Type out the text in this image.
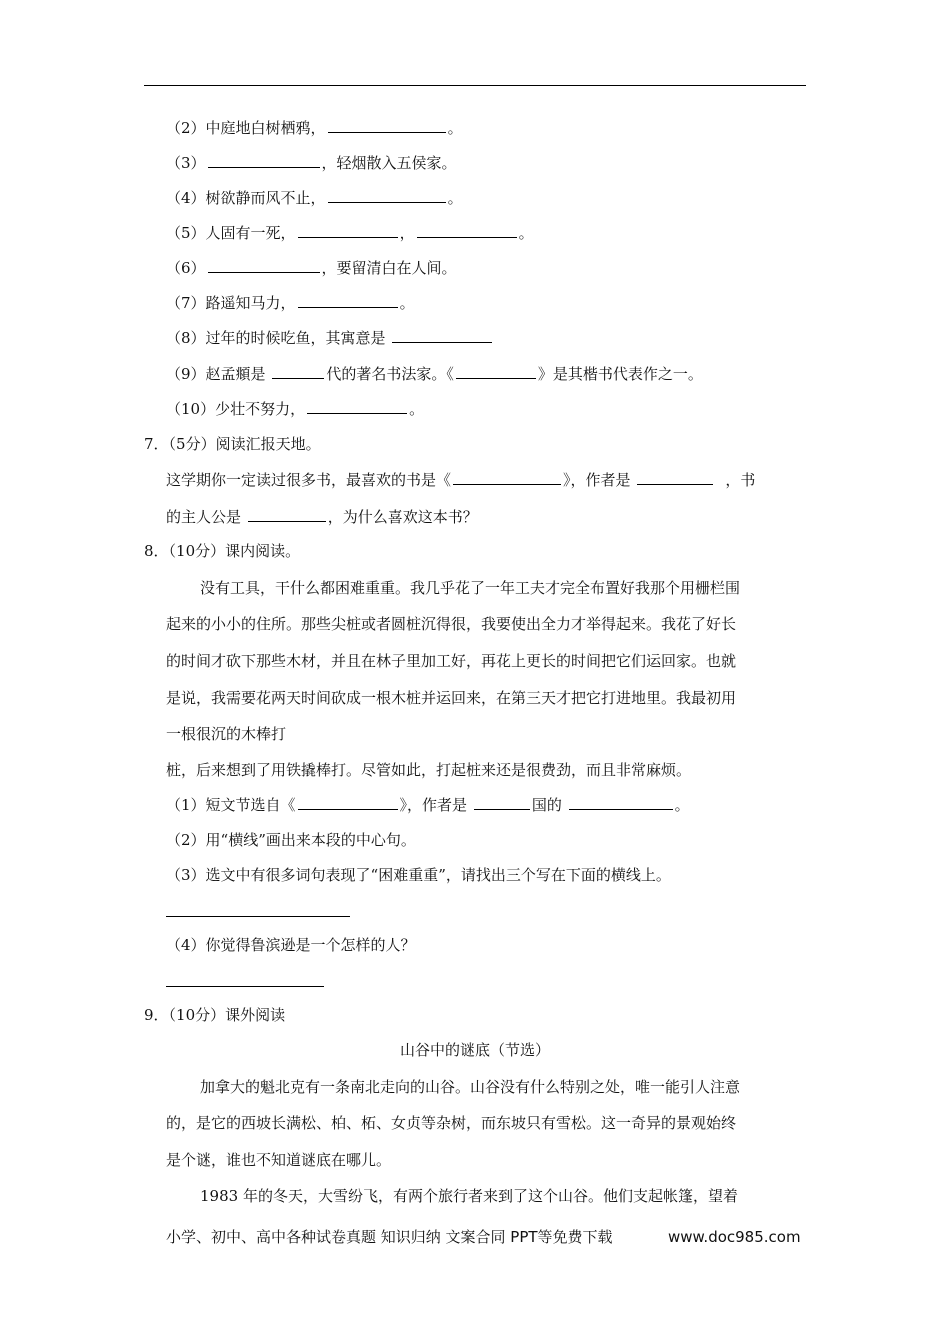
（2）中庭地白树栖鸦，	。
（3）	，轻烟散入五侯家。
（4）树欲静而风不止，	。
（5）人固有一死，	，	。
（6）	，要留清白在人间。
（7）路遥知马力，	。
（8）过年的时候吃鱼，其寓意是
（9）赵孟頫是	代的著名书法家。《	》是其楷书代表作之一。
（10）少壮不努力，	。
7．（5分）阅读汇报天地。
这学期你一定读过很多书，最喜欢的书是《	》，作者是	，书
的主人公是	，为什么喜欢这本书？
8．（10分）课内阅读。
没有工具，干什么都困难重重。我几乎花了一年工夫才完全布置好我那个用栅栏围
起来的小小的住所。那些尖桩或者圆桩沉得很，我要使出全力才举得起来。我花了好长
的时间才砍下那些木材，并且在林子里加工好，再花上更长的时间把它们运回家。也就
是说，我需要花两天时间砍成一根木桩并运回来，在第三天才把它打进地里。我最初用
一根很沉的木棒打
桩，后来想到了用铁撬棒打。尽管如此，打起桩来还是很费劲，而且非常麻烦。
（1）短文节选自《	》，作者是	国的	。
（2）用“横线”画出来本段的中心句。
（3）选文中有很多词句表现了“困难重重”，请找出三个写在下面的横线上。
（4）你觉得鲁滨逊是一个怎样的人？
9．（10分）课外阅读
山谷中的谜底（节选）
加拿大的魁北克有一条南北走向的山谷。山谷没有什么特别之处，唯一能引人注意
的，是它的西坡长满松、柏、柘、女贞等杂树，而东坡只有雪松。这一奇异的景观始终
是个谜，谁也不知道谜底在哪儿。
1983 年的冬天，大雪纷飞，有两个旅行者来到了这个山谷。他们支起帐篷，望着
小学、初中、高中各种试卷真题 知识归纳 文案合同 PPT等免费下载	www.doc985.com
